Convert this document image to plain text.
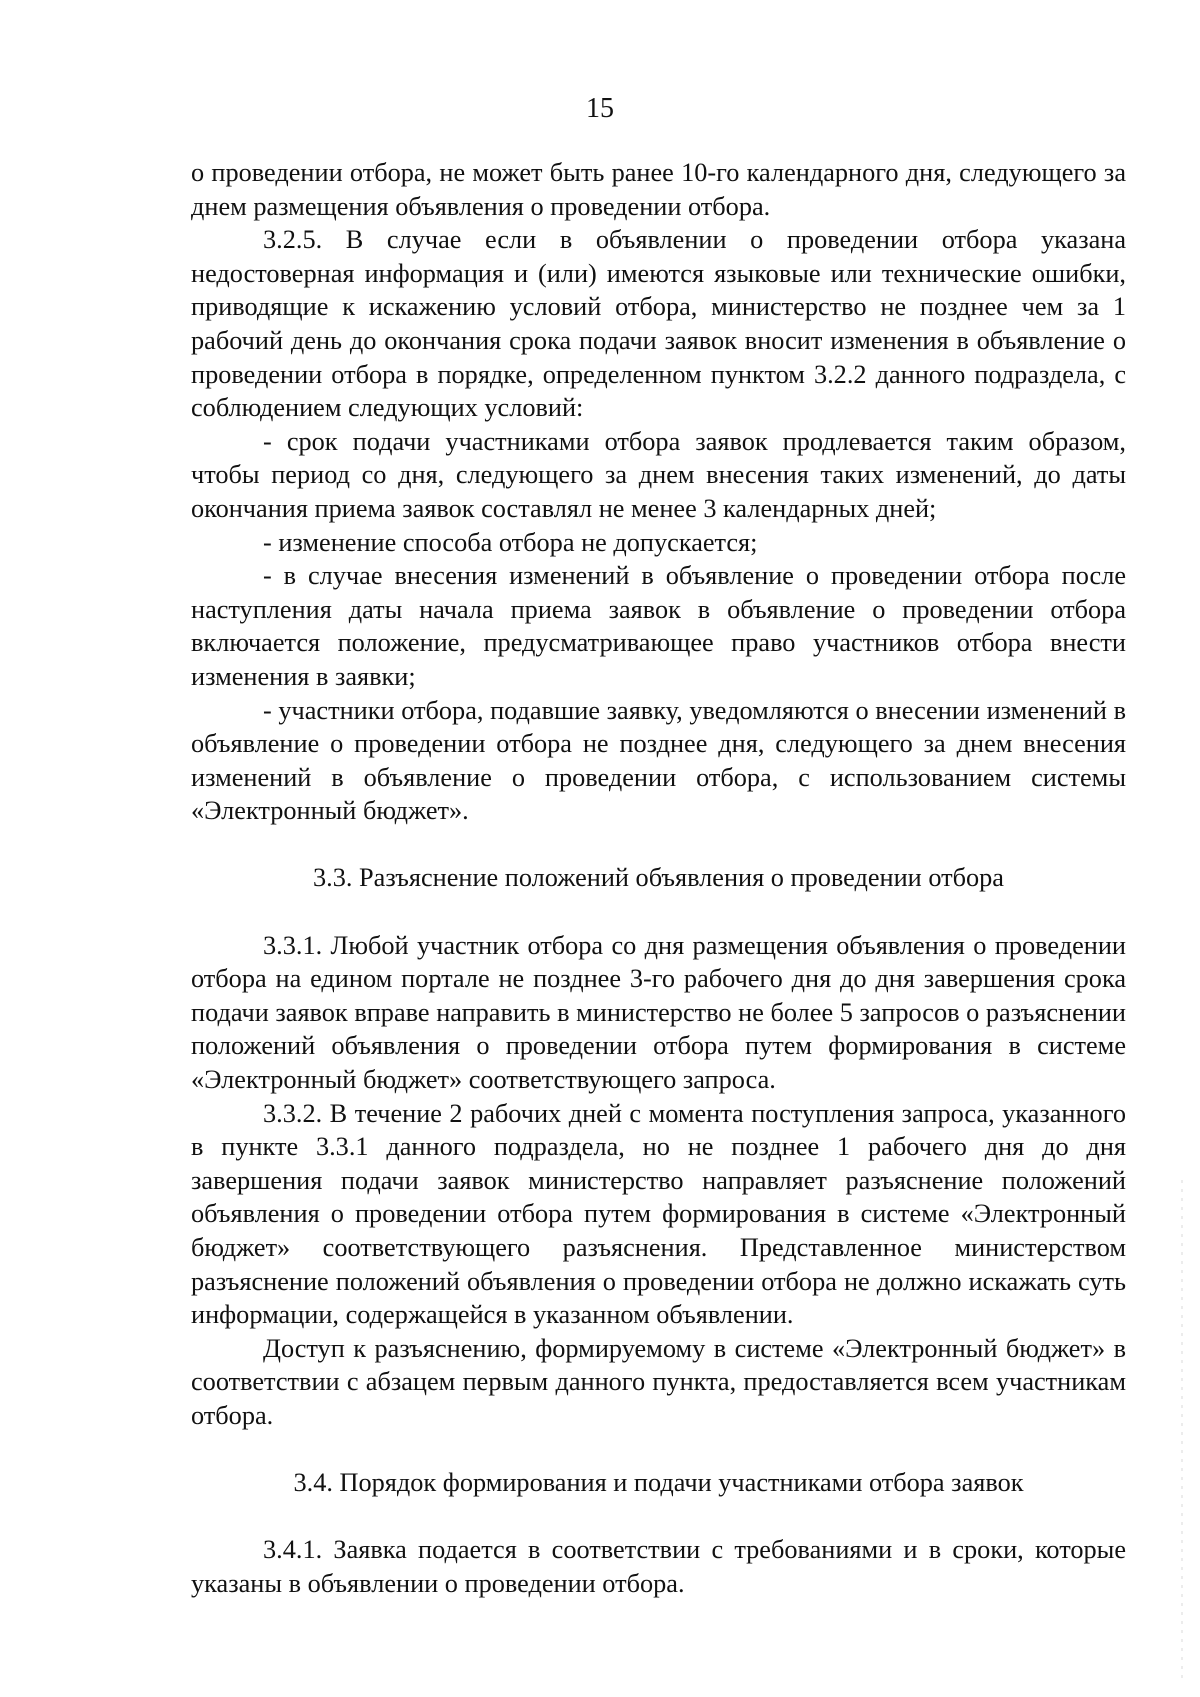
15

о проведении отбора, не может быть ранее 10-го календарного дня, следующего за днем размещения объявления о проведении отбора.

3.2.5. В случае если в объявлении о проведении отбора указана недостоверная информация и (или) имеются языковые или технические ошибки, приводящие к искажению условий отбора, министерство не позднее чем за 1 рабочий день до окончания срока подачи заявок вносит изменения в объявление о проведении отбора в порядке, определенном пунктом 3.2.2 данного подраздела, с соблюдением следующих условий:

- срок подачи участниками отбора заявок продлевается таким образом, чтобы период со дня, следующего за днем внесения таких изменений, до даты окончания приема заявок составлял не менее 3 календарных дней;

- изменение способа отбора не допускается;

- в случае внесения изменений в объявление о проведении отбора после наступления даты начала приема заявок в объявление о проведении отбора включается положение, предусматривающее право участников отбора внести изменения в заявки;

- участники отбора, подавшие заявку, уведомляются о внесении изменений в объявление о проведении отбора не позднее дня, следующего за днем внесения изменений в объявление о проведении отбора, с использованием системы «Электронный бюджет».

3.3. Разъяснение положений объявления о проведении отбора

3.3.1. Любой участник отбора со дня размещения объявления о проведении отбора на едином портале не позднее 3-го рабочего дня до дня завершения срока подачи заявок вправе направить в министерство не более 5 запросов о разъяснении положений объявления о проведении отбора путем формирования в системе «Электронный бюджет» соответствующего запроса.

3.3.2. В течение 2 рабочих дней с момента поступления запроса, указанного в пункте 3.3.1 данного подраздела, но не позднее 1 рабочего дня до дня завершения подачи заявок министерство направляет разъяснение положений объявления о проведении отбора путем формирования в системе «Электронный бюджет» соответствующего разъяснения. Представленное министерством разъяснение положений объявления о проведении отбора не должно искажать суть информации, содержащейся в указанном объявлении.

Доступ к разъяснению, формируемому в системе «Электронный бюджет» в соответствии с абзацем первым данного пункта, предоставляется всем участникам отбора.

3.4. Порядок формирования и подачи участниками отбора заявок

3.4.1. Заявка подается в соответствии с требованиями и в сроки, которые указаны в объявлении о проведении отбора.
